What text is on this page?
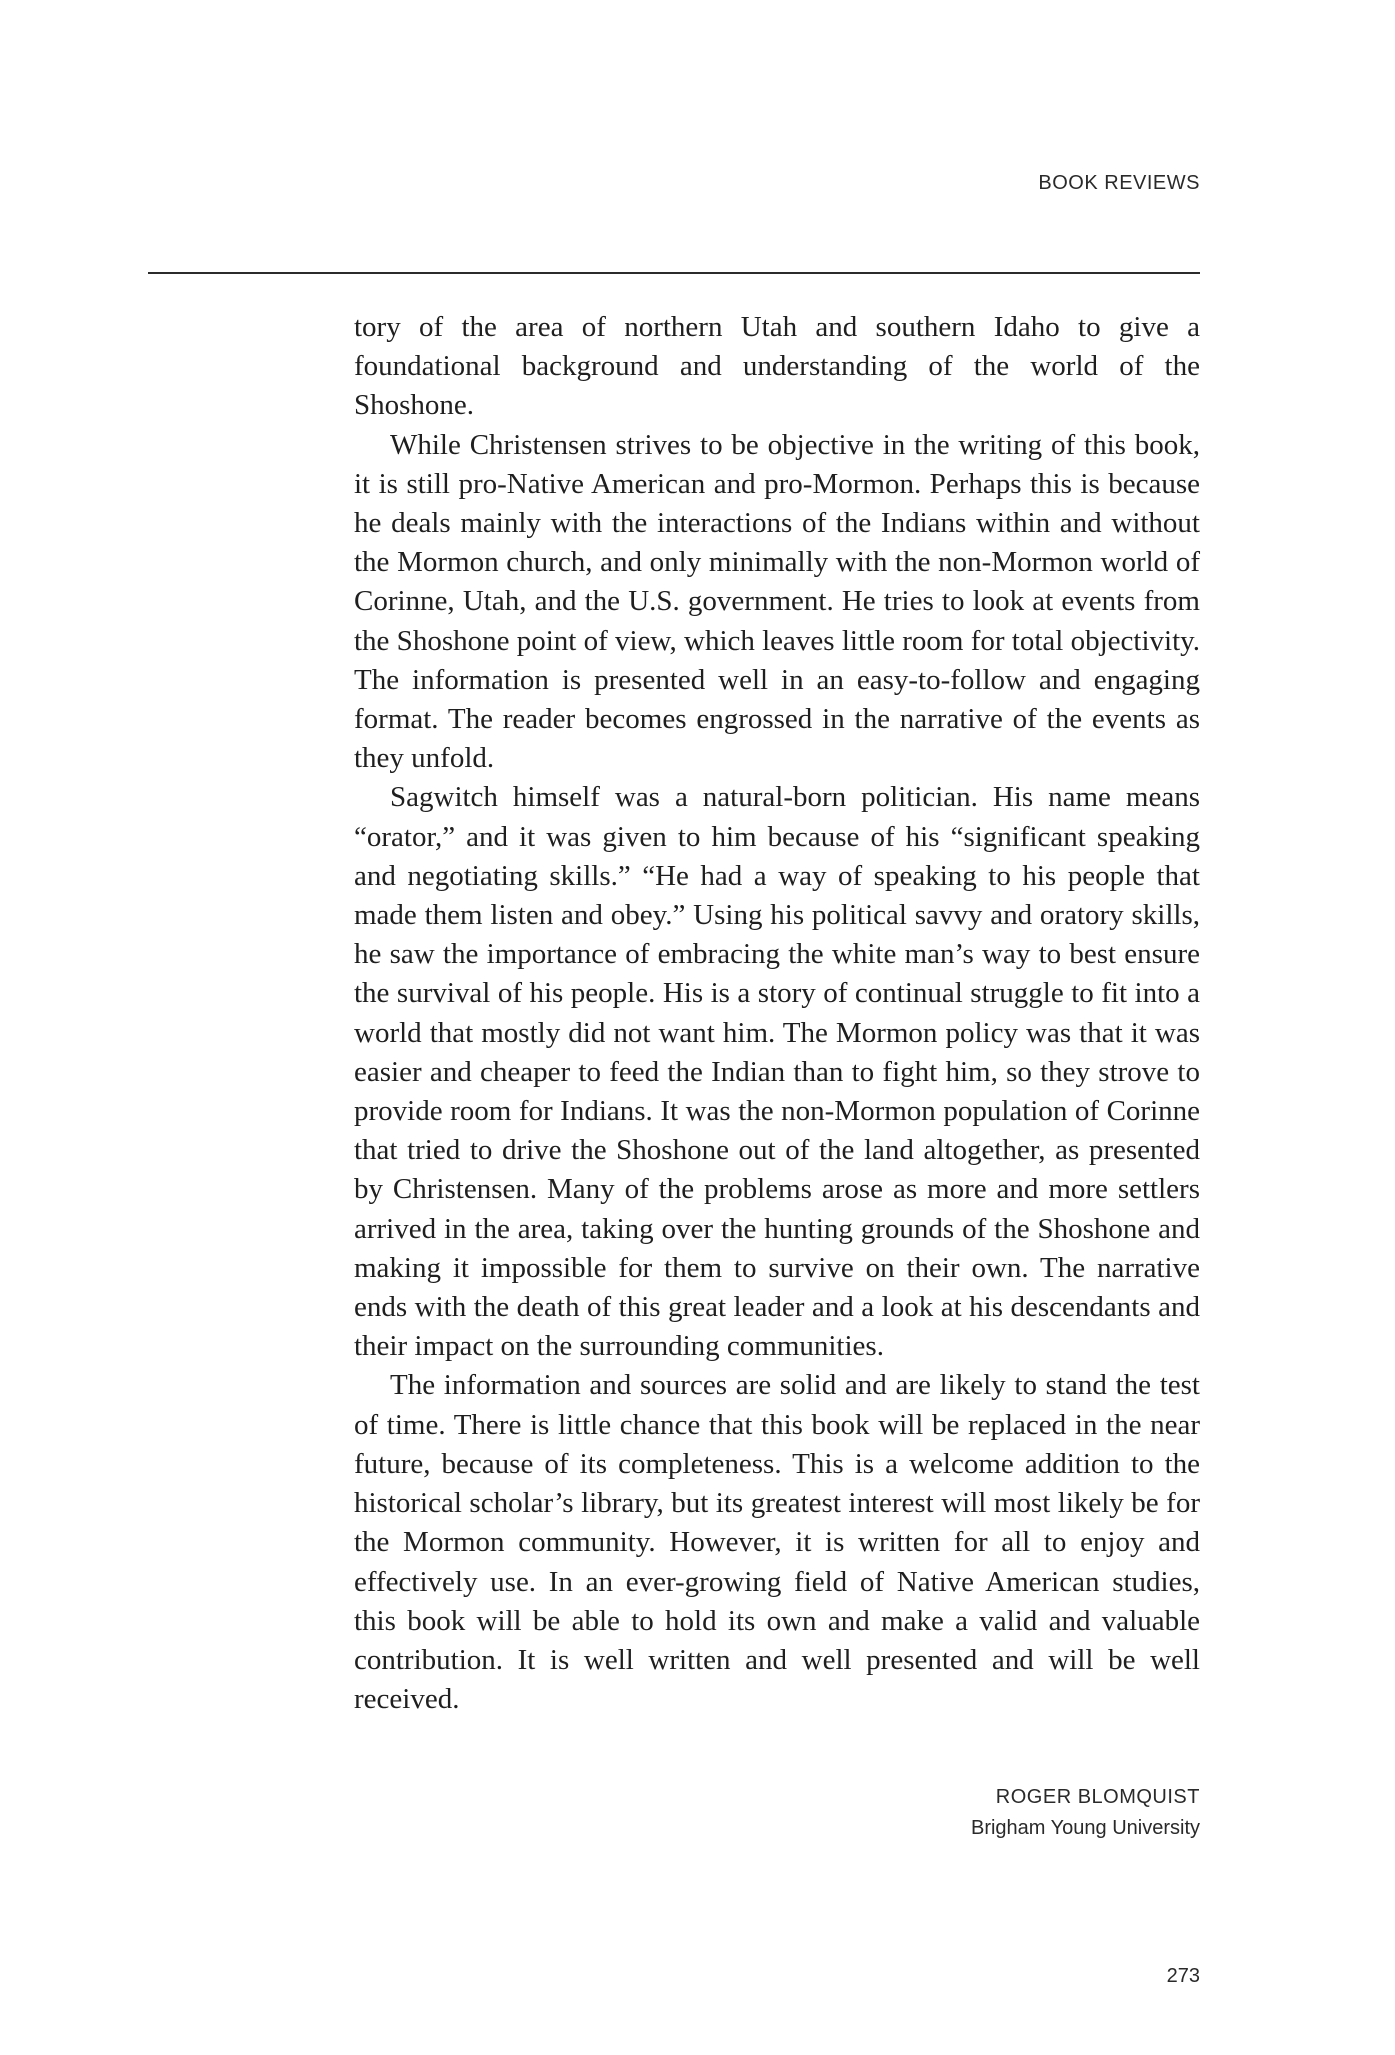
BOOK REVIEWS

tory of the area of northern Utah and southern Idaho to give a foundational background and understanding of the world of the Shoshone.

While Christensen strives to be objective in the writing of this book, it is still pro-Native American and pro-Mormon. Perhaps this is because he deals mainly with the interactions of the Indians within and without the Mormon church, and only minimally with the non-Mormon world of Corinne, Utah, and the U.S. government. He tries to look at events from the Shoshone point of view, which leaves little room for total objectivity. The information is presented well in an easy-to-follow and engaging format. The reader becomes engrossed in the narrative of the events as they unfold.

Sagwitch himself was a natural-born politician. His name means “orator,” and it was given to him because of his “significant speaking and negotiating skills.” “He had a way of speaking to his people that made them listen and obey.” Using his political savvy and oratory skills, he saw the importance of embracing the white man’s way to best ensure the survival of his people. His is a story of continual struggle to fit into a world that mostly did not want him. The Mormon policy was that it was easier and cheaper to feed the Indian than to fight him, so they strove to provide room for Indians. It was the non-Mormon population of Corinne that tried to drive the Shoshone out of the land altogether, as presented by Christensen. Many of the problems arose as more and more settlers arrived in the area, taking over the hunting grounds of the Shoshone and making it impossible for them to survive on their own. The narrative ends with the death of this great leader and a look at his descendants and their impact on the surrounding communities.

The information and sources are solid and are likely to stand the test of time. There is little chance that this book will be replaced in the near future, because of its completeness. This is a welcome addition to the historical scholar’s library, but its greatest interest will most likely be for the Mormon community. However, it is written for all to enjoy and effectively use. In an ever-growing field of Native American studies, this book will be able to hold its own and make a valid and valuable contribution. It is well written and well presented and will be well received.

ROGER BLOMQUIST
Brigham Young University
273
